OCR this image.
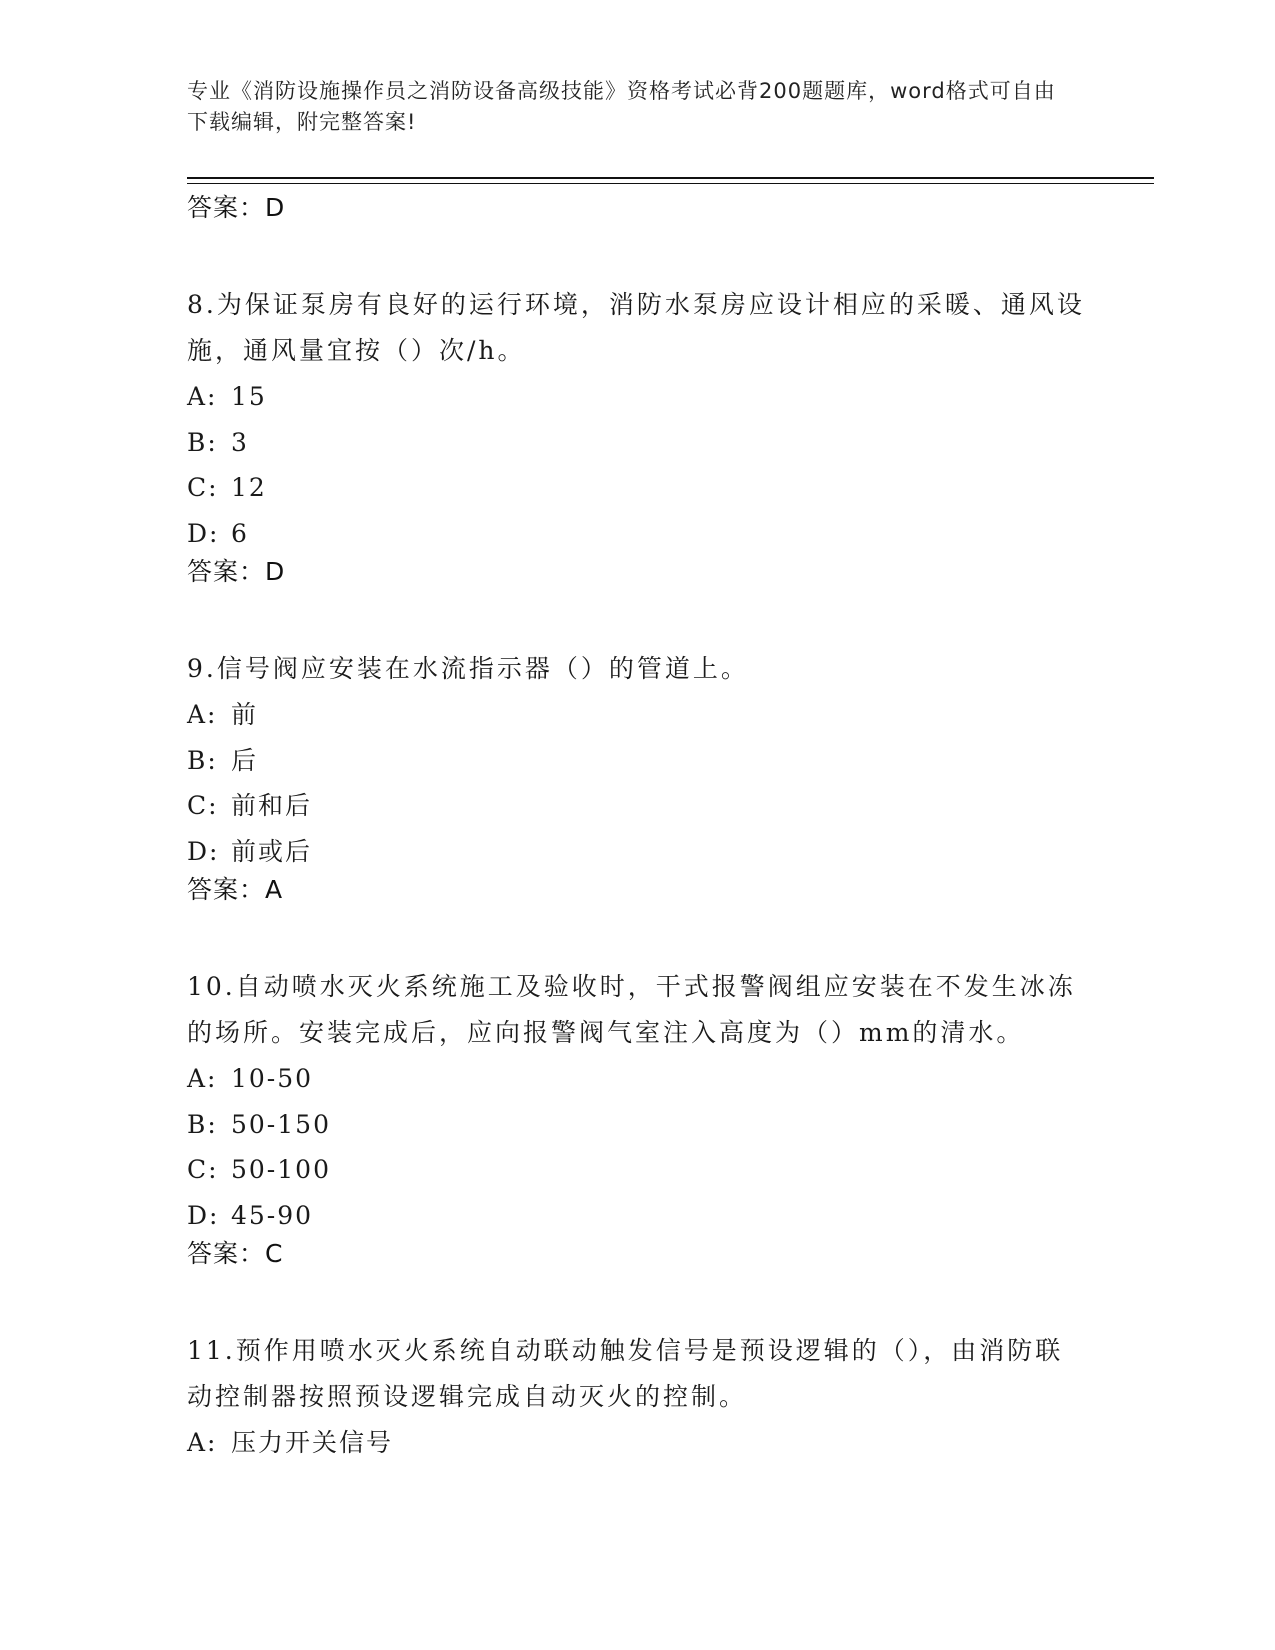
专业《消防设施操作员之消防设备高级技能》资格考试必背200题题库，word格式可自由下载编辑，附完整答案!
答案：D

8.为保证泵房有良好的运行环境，消防水泵房应设计相应的采暖、通风设施，通风量宜按（）次/h。

A: 15
B: 3
C: 12
D: 6
答案：D

9.信号阀应安装在水流指示器（）的管道上。

A: 前
B: 后
C: 前和后
D: 前或后
答案：A

10.自动喷水灭火系统施工及验收时，干式报警阀组应安装在不发生冰冻的场所。安装完成后，应向报警阀气室注入高度为（）mm的清水。

A: 10-50
B: 50-150
C: 50-100
D: 45-90
答案：C

11.预作用喷水灭火系统自动联动触发信号是预设逻辑的（），由消防联动控制器按照预设逻辑完成自动灭火的控制。

A: 压力开关信号
